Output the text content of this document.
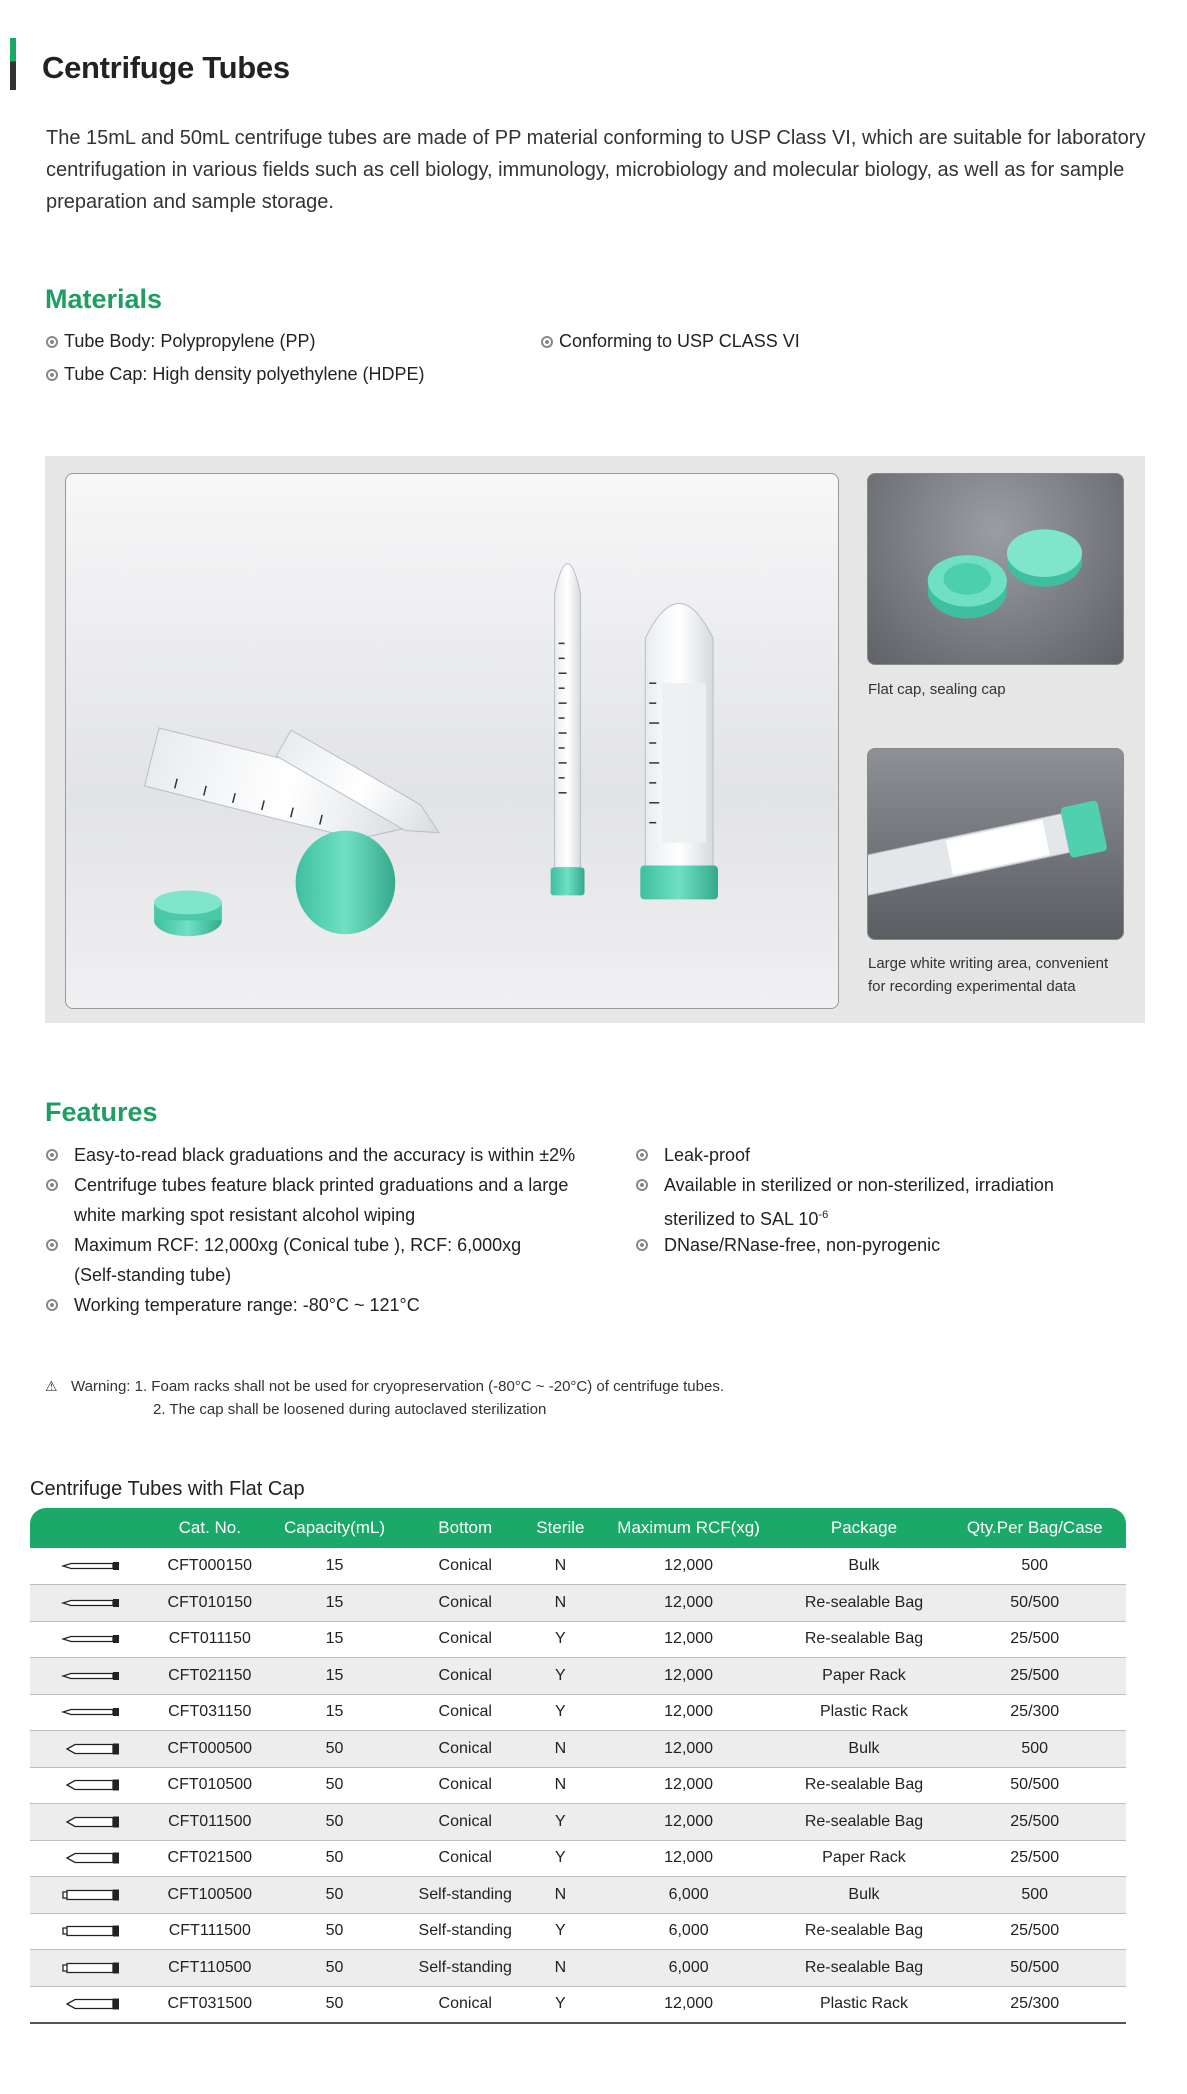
Centrifuge Tubes

The 15mL and 50mL centrifuge tubes are made of PP material conforming to USP Class VI, which are suitable for laboratory centrifugation in various fields such as cell biology, immunology, microbiology and molecular biology, as well as for sample preparation and sample storage.

Materials
Tube Body: Polypropylene (PP)
Tube Cap: High density polyethylene (HDPE)
Conforming to USP CLASS VI
Flat cap, sealing cap
Large white writing area, convenient
for recording experimental data
Features
Easy-to-read black graduations and the accuracy is within ±2%
Centrifuge tubes feature black printed graduations and a large
white marking spot resistant alcohol wiping
Maximum RCF: 12,000xg (Conical tube ), RCF: 6,000xg
(Self-standing tube)
Working temperature range: -80°C ~ 121°C
Leak-proof
Available in sterilized or non-sterilized, irradiation
sterilized to SAL $10^{-6}$
DNase/RNase-free, non-pyrogenic
⚠ Warning: 1. Foam racks shall not be used for cryopreservation (-80°C ~ -20°C) of centrifuge tubes.
2. The cap shall be loosened during autoclaved sterilization
Centrifuge Tubes with Flat Cap
	Cat. No.	Capacity(mL)	Bottom	Sterile	Maximum RCF(xg)	Package	Qty.Per Bag/Case
	CFT000150	15	Conical	N	12,000	Bulk	500
	CFT010150	15	Conical	N	12,000	Re-sealable Bag	50/500
	CFT011150	15	Conical	Y	12,000	Re-sealable Bag	25/500
	CFT021150	15	Conical	Y	12,000	Paper Rack	25/500
	CFT031150	15	Conical	Y	12,000	Plastic Rack	25/300
	CFT000500	50	Conical	N	12,000	Bulk	500
	CFT010500	50	Conical	N	12,000	Re-sealable Bag	50/500
	CFT011500	50	Conical	Y	12,000	Re-sealable Bag	25/500
	CFT021500	50	Conical	Y	12,000	Paper Rack	25/500
	CFT100500	50	Self-standing	N	6,000	Bulk	500
	CFT111500	50	Self-standing	Y	6,000	Re-sealable Bag	25/500
	CFT110500	50	Self-standing	N	6,000	Re-sealable Bag	50/500
	CFT031500	50	Conical	Y	12,000	Plastic Rack	25/300
